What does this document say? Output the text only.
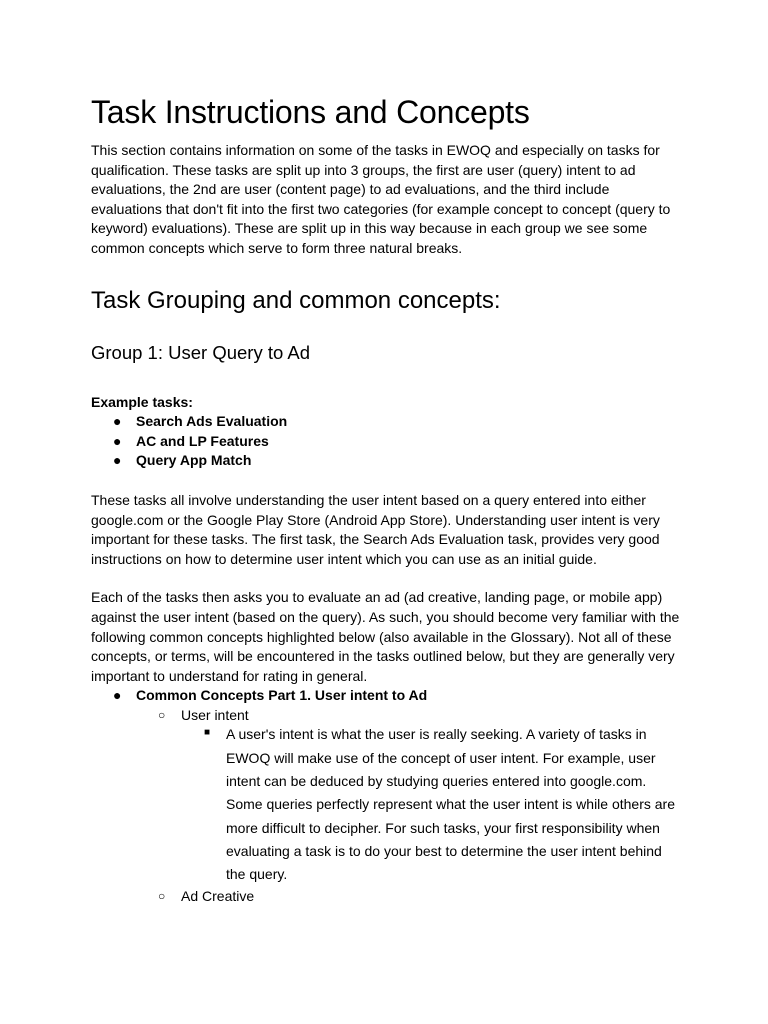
Task Instructions and Concepts

This section contains information on some of the tasks in EWOQ and especially on tasks for qualification. These tasks are split up into 3 groups, the first are user (query) intent to ad evaluations, the 2nd are user (content page) to ad evaluations, and the third include evaluations that don't fit into the first two categories (for example concept to concept (query to keyword) evaluations). These are split up in this way because in each group we see some common concepts which serve to form three natural breaks.

Task Grouping and common concepts:
Group 1: User Query to Ad

Example tasks:

● Search Ads Evaluation
● AC and LP Features
● Query App Match

These tasks all involve understanding the user intent based on a query entered into either google.com or the Google Play Store (Android App Store). Understanding user intent is very important for these tasks. The first task, the Search Ads Evaluation task, provides very good instructions on how to determine user intent which you can use as an initial guide.

Each of the tasks then asks you to evaluate an ad (ad creative, landing page, or mobile app) against the user intent (based on the query). As such, you should become very familiar with the following common concepts highlighted below (also available in the Glossary). Not all of these concepts, or terms, will be encountered in the tasks outlined below, but they are generally very important to understand for rating in general.

● Common Concepts Part 1. User intent to Ad
○ User intent
■ A user's intent is what the user is really seeking. A variety of tasks in EWOQ will make use of the concept of user intent. For example, user intent can be deduced by studying queries entered into google.com. Some queries perfectly represent what the user intent is while others are more difficult to decipher. For such tasks, your first responsibility when evaluating a task is to do your best to determine the user intent behind the query.
○ Ad Creative
